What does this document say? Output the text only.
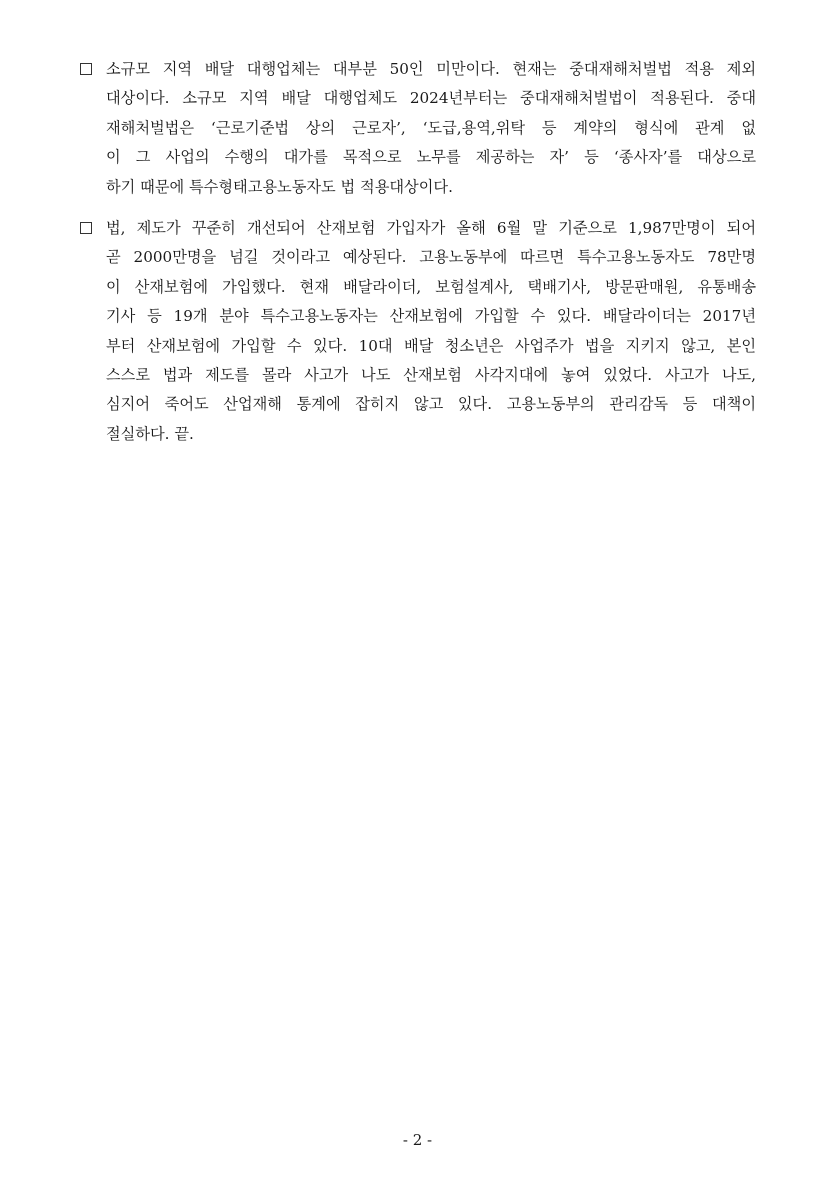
소규모 지역 배달 대행업체는 대부분 50인 미만이다. 현재는 중대재해처벌법 적용 제외
대상이다. 소규모 지역 배달 대행업체도 2024년부터는 중대재해처벌법이 적용된다. 중대
재해처벌법은 ‘근로기준법 상의 근로자’, ‘도급,용역,위탁 등 계약의 형식에 관계 없
이 그 사업의 수행의 대가를 목적으로 노무를 제공하는 자’ 등 ‘종사자’를 대상으로
하기 때문에 특수형태고용노동자도 법 적용대상이다.
법, 제도가 꾸준히 개선되어 산재보험 가입자가 올해 6월 말 기준으로 1,987만명이 되어
곧 2000만명을 넘길 것이라고 예상된다. 고용노동부에 따르면 특수고용노동자도 78만명
이 산재보험에 가입했다. 현재 배달라이더, 보험설계사, 택배기사, 방문판매원, 유통배송
기사 등 19개 분야 특수고용노동자는 산재보험에 가입할 수 있다. 배달라이더는 2017년
부터 산재보험에 가입할 수 있다. 10대 배달 청소년은 사업주가 법을 지키지 않고, 본인
스스로 법과 제도를 몰라 사고가 나도 산재보험 사각지대에 놓여 있었다. 사고가 나도,
심지어 죽어도 산업재해 통계에 잡히지 않고 있다. 고용노동부의 관리감독 등 대책이
절실하다. 끝.
- 2 -
